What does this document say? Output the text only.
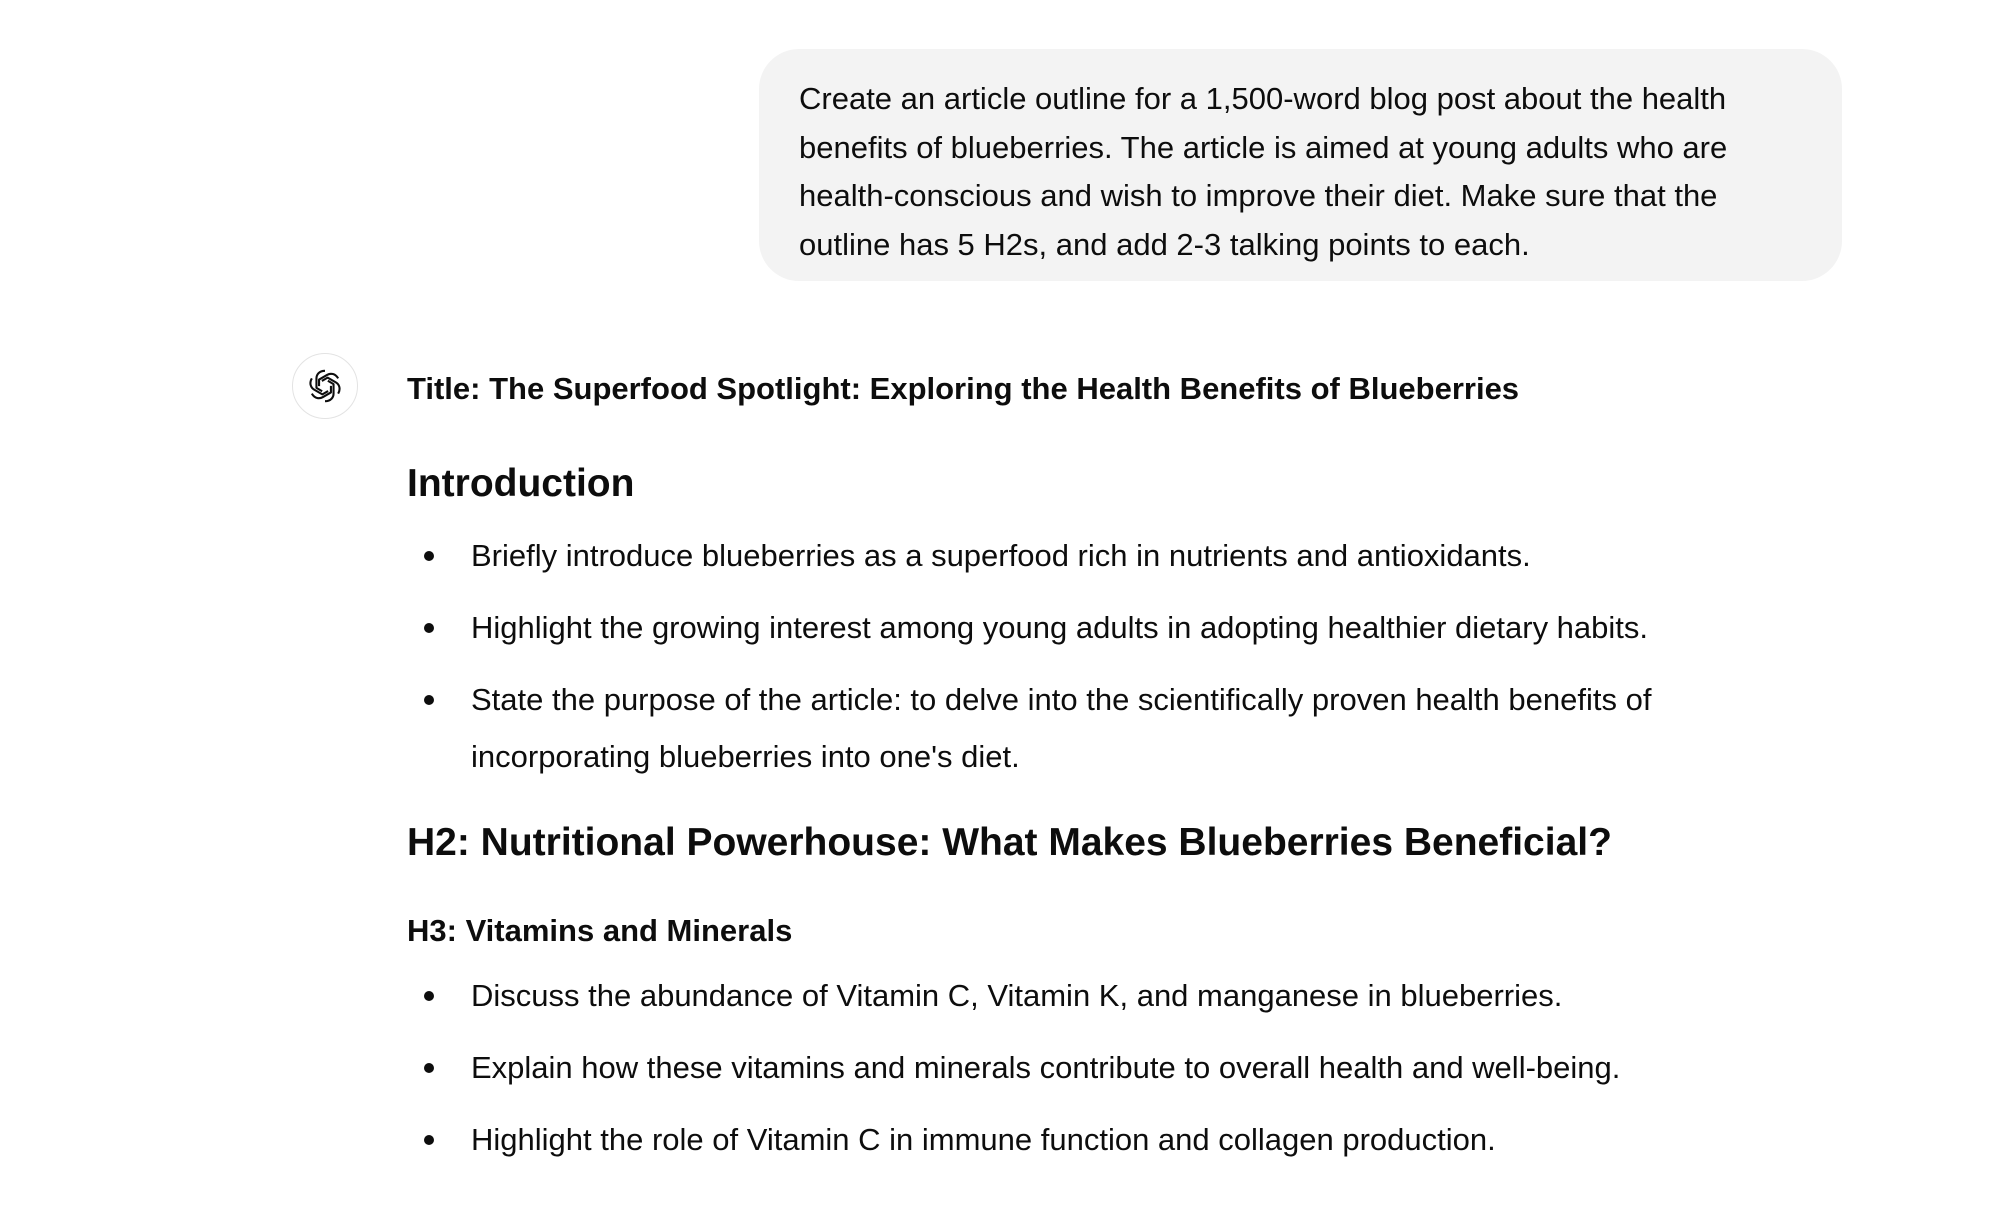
Create an article outline for a 1,500-word blog post about the health benefits of blueberries. The article is aimed at young adults who are health-conscious and wish to improve their diet. Make sure that the outline has 5 H2s, and add 2-3 talking points to each.

Title: The Superfood Spotlight: Exploring the Health Benefits of Blueberries

Introduction
Briefly introduce blueberries as a superfood rich in nutrients and antioxidants.
Highlight the growing interest among young adults in adopting healthier dietary habits.
State the purpose of the article: to delve into the scientifically proven health benefits of incorporating blueberries into one's diet.
H2: Nutritional Powerhouse: What Makes Blueberries Beneficial?
H3: Vitamins and Minerals
Discuss the abundance of Vitamin C, Vitamin K, and manganese in blueberries.
Explain how these vitamins and minerals contribute to overall health and well-being.
Highlight the role of Vitamin C in immune function and collagen production.
